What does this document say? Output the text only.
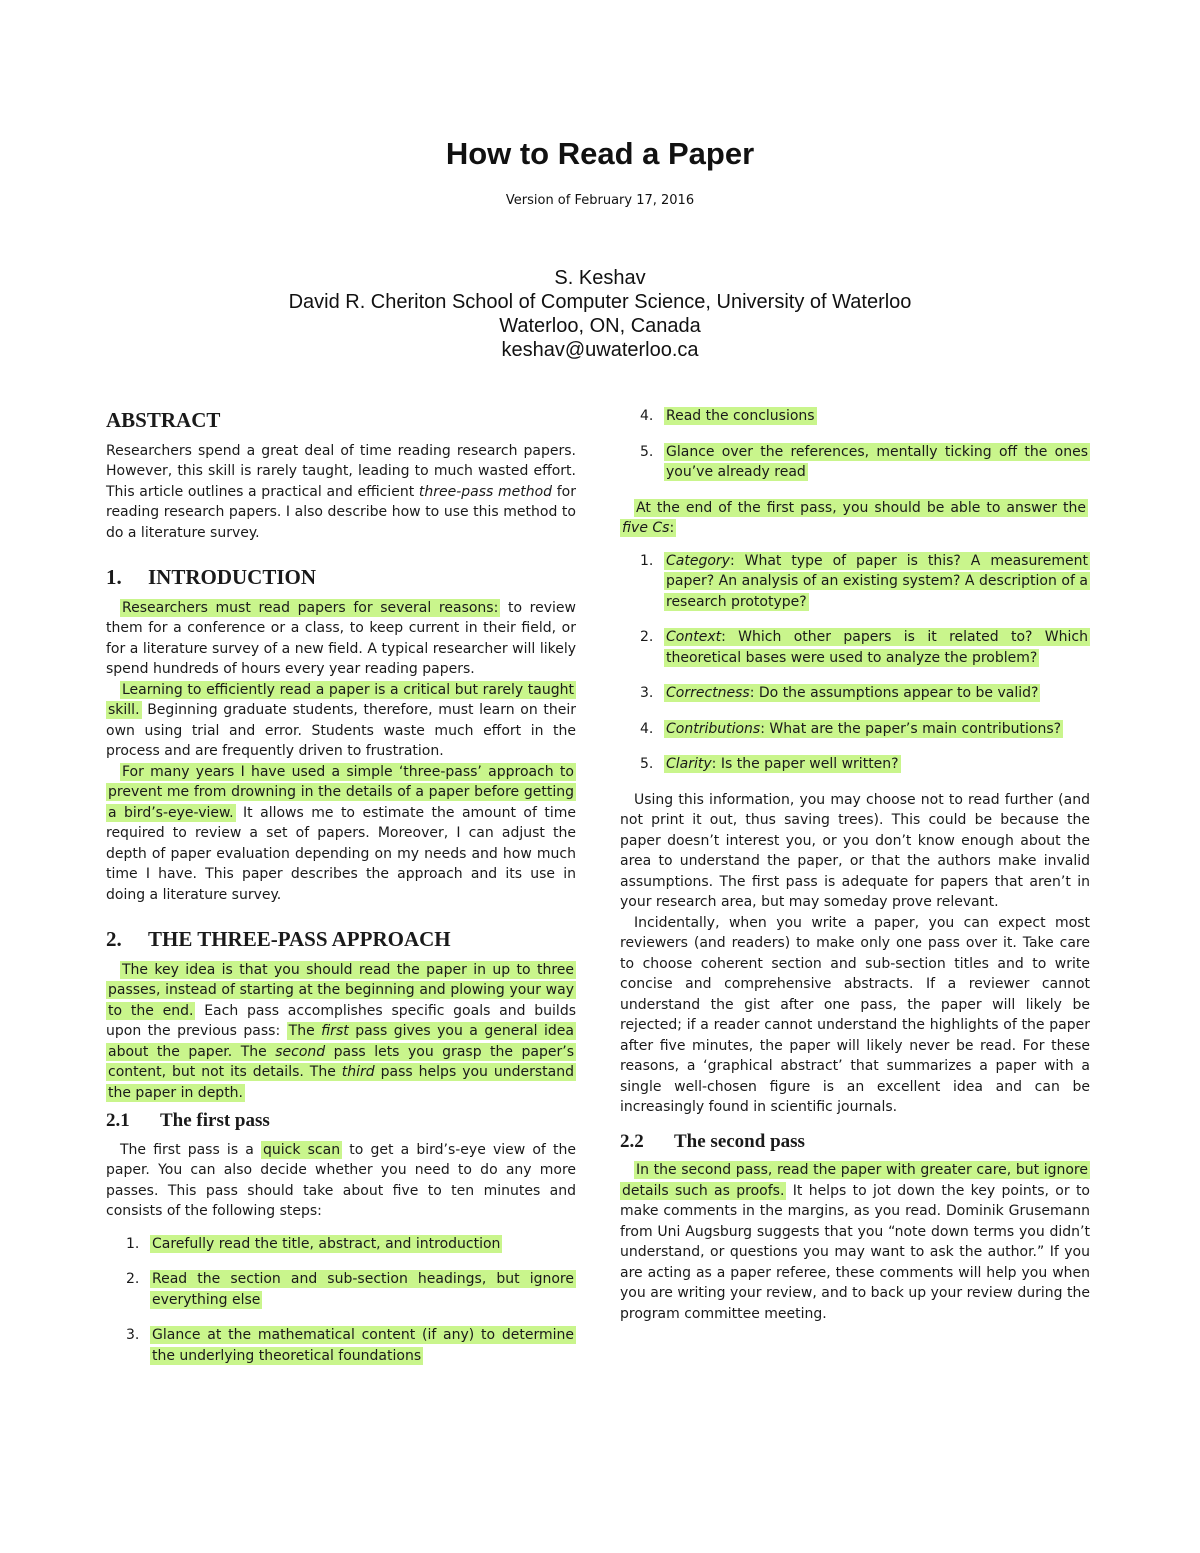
How to Read a Paper
Version of February 17, 2016
S. Keshav
David R. Cheriton School of Computer Science, University of Waterloo
Waterloo, ON, Canada
keshav@uwaterloo.ca
ABSTRACT

Researchers spend a great deal of time reading research papers. However, this skill is rarely taught, leading to much wasted effort. This article outlines a practical and efficient three-pass method for reading research papers. I also describe how to use this method to do a literature survey.

1. INTRODUCTION

Researchers must read papers for several reasons: to review them for a conference or a class, to keep current in their field, or for a literature survey of a new field. A typical researcher will likely spend hundreds of hours every year reading papers.

Learning to efficiently read a paper is a critical but rarely taught skill. Beginning graduate students, therefore, must learn on their own using trial and error. Students waste much effort in the process and are frequently driven to frustration.

For many years I have used a simple ‘three-pass’ approach to prevent me from drowning in the details of a paper before getting a bird’s-eye-view. It allows me to estimate the amount of time required to review a set of papers. Moreover, I can adjust the depth of paper evaluation depending on my needs and how much time I have. This paper describes the approach and its use in doing a literature survey.

2. THE THREE-PASS APPROACH

The key idea is that you should read the paper in up to three passes, instead of starting at the beginning and plowing your way to the end. Each pass accomplishes specific goals and builds upon the previous pass: The first pass gives you a general idea about the paper. The second pass lets you grasp the paper’s content, but not its details. The third pass helps you understand the paper in depth.

2.1 The first pass

The first pass is a quick scan to get a bird’s-eye view of the paper. You can also decide whether you need to do any more passes. This pass should take about five to ten minutes and consists of the following steps:

1. Carefully read the title, abstract, and introduction
2. Read the section and sub-section headings, but ignore everything else
3. Glance at the mathematical content (if any) to determine the underlying theoretical foundations
4. Read the conclusions
5. Glance over the references, mentally ticking off the ones you’ve already read

At the end of the first pass, you should be able to answer the five Cs:

1. Category: What type of paper is this? A measurement paper? An analysis of an existing system? A description of a research prototype?
2. Context: Which other papers is it related to? Which theoretical bases were used to analyze the problem?
3. Correctness: Do the assumptions appear to be valid?
4. Contributions: What are the paper’s main contributions?
5. Clarity: Is the paper well written?

Using this information, you may choose not to read further (and not print it out, thus saving trees). This could be because the paper doesn’t interest you, or you don’t know enough about the area to understand the paper, or that the authors make invalid assumptions. The first pass is adequate for papers that aren’t in your research area, but may someday prove relevant.

Incidentally, when you write a paper, you can expect most reviewers (and readers) to make only one pass over it. Take care to choose coherent section and sub-section titles and to write concise and comprehensive abstracts. If a reviewer cannot understand the gist after one pass, the paper will likely be rejected; if a reader cannot understand the highlights of the paper after five minutes, the paper will likely never be read. For these reasons, a ‘graphical abstract’ that summarizes a paper with a single well-chosen figure is an excellent idea and can be increasingly found in scientific journals.

2.2 The second pass

In the second pass, read the paper with greater care, but ignore details such as proofs. It helps to jot down the key points, or to make comments in the margins, as you read. Dominik Grusemann from Uni Augsburg suggests that you “note down terms you didn’t understand, or questions you may want to ask the author.” If you are acting as a paper referee, these comments will help you when you are writing your review, and to back up your review during the program committee meeting.
